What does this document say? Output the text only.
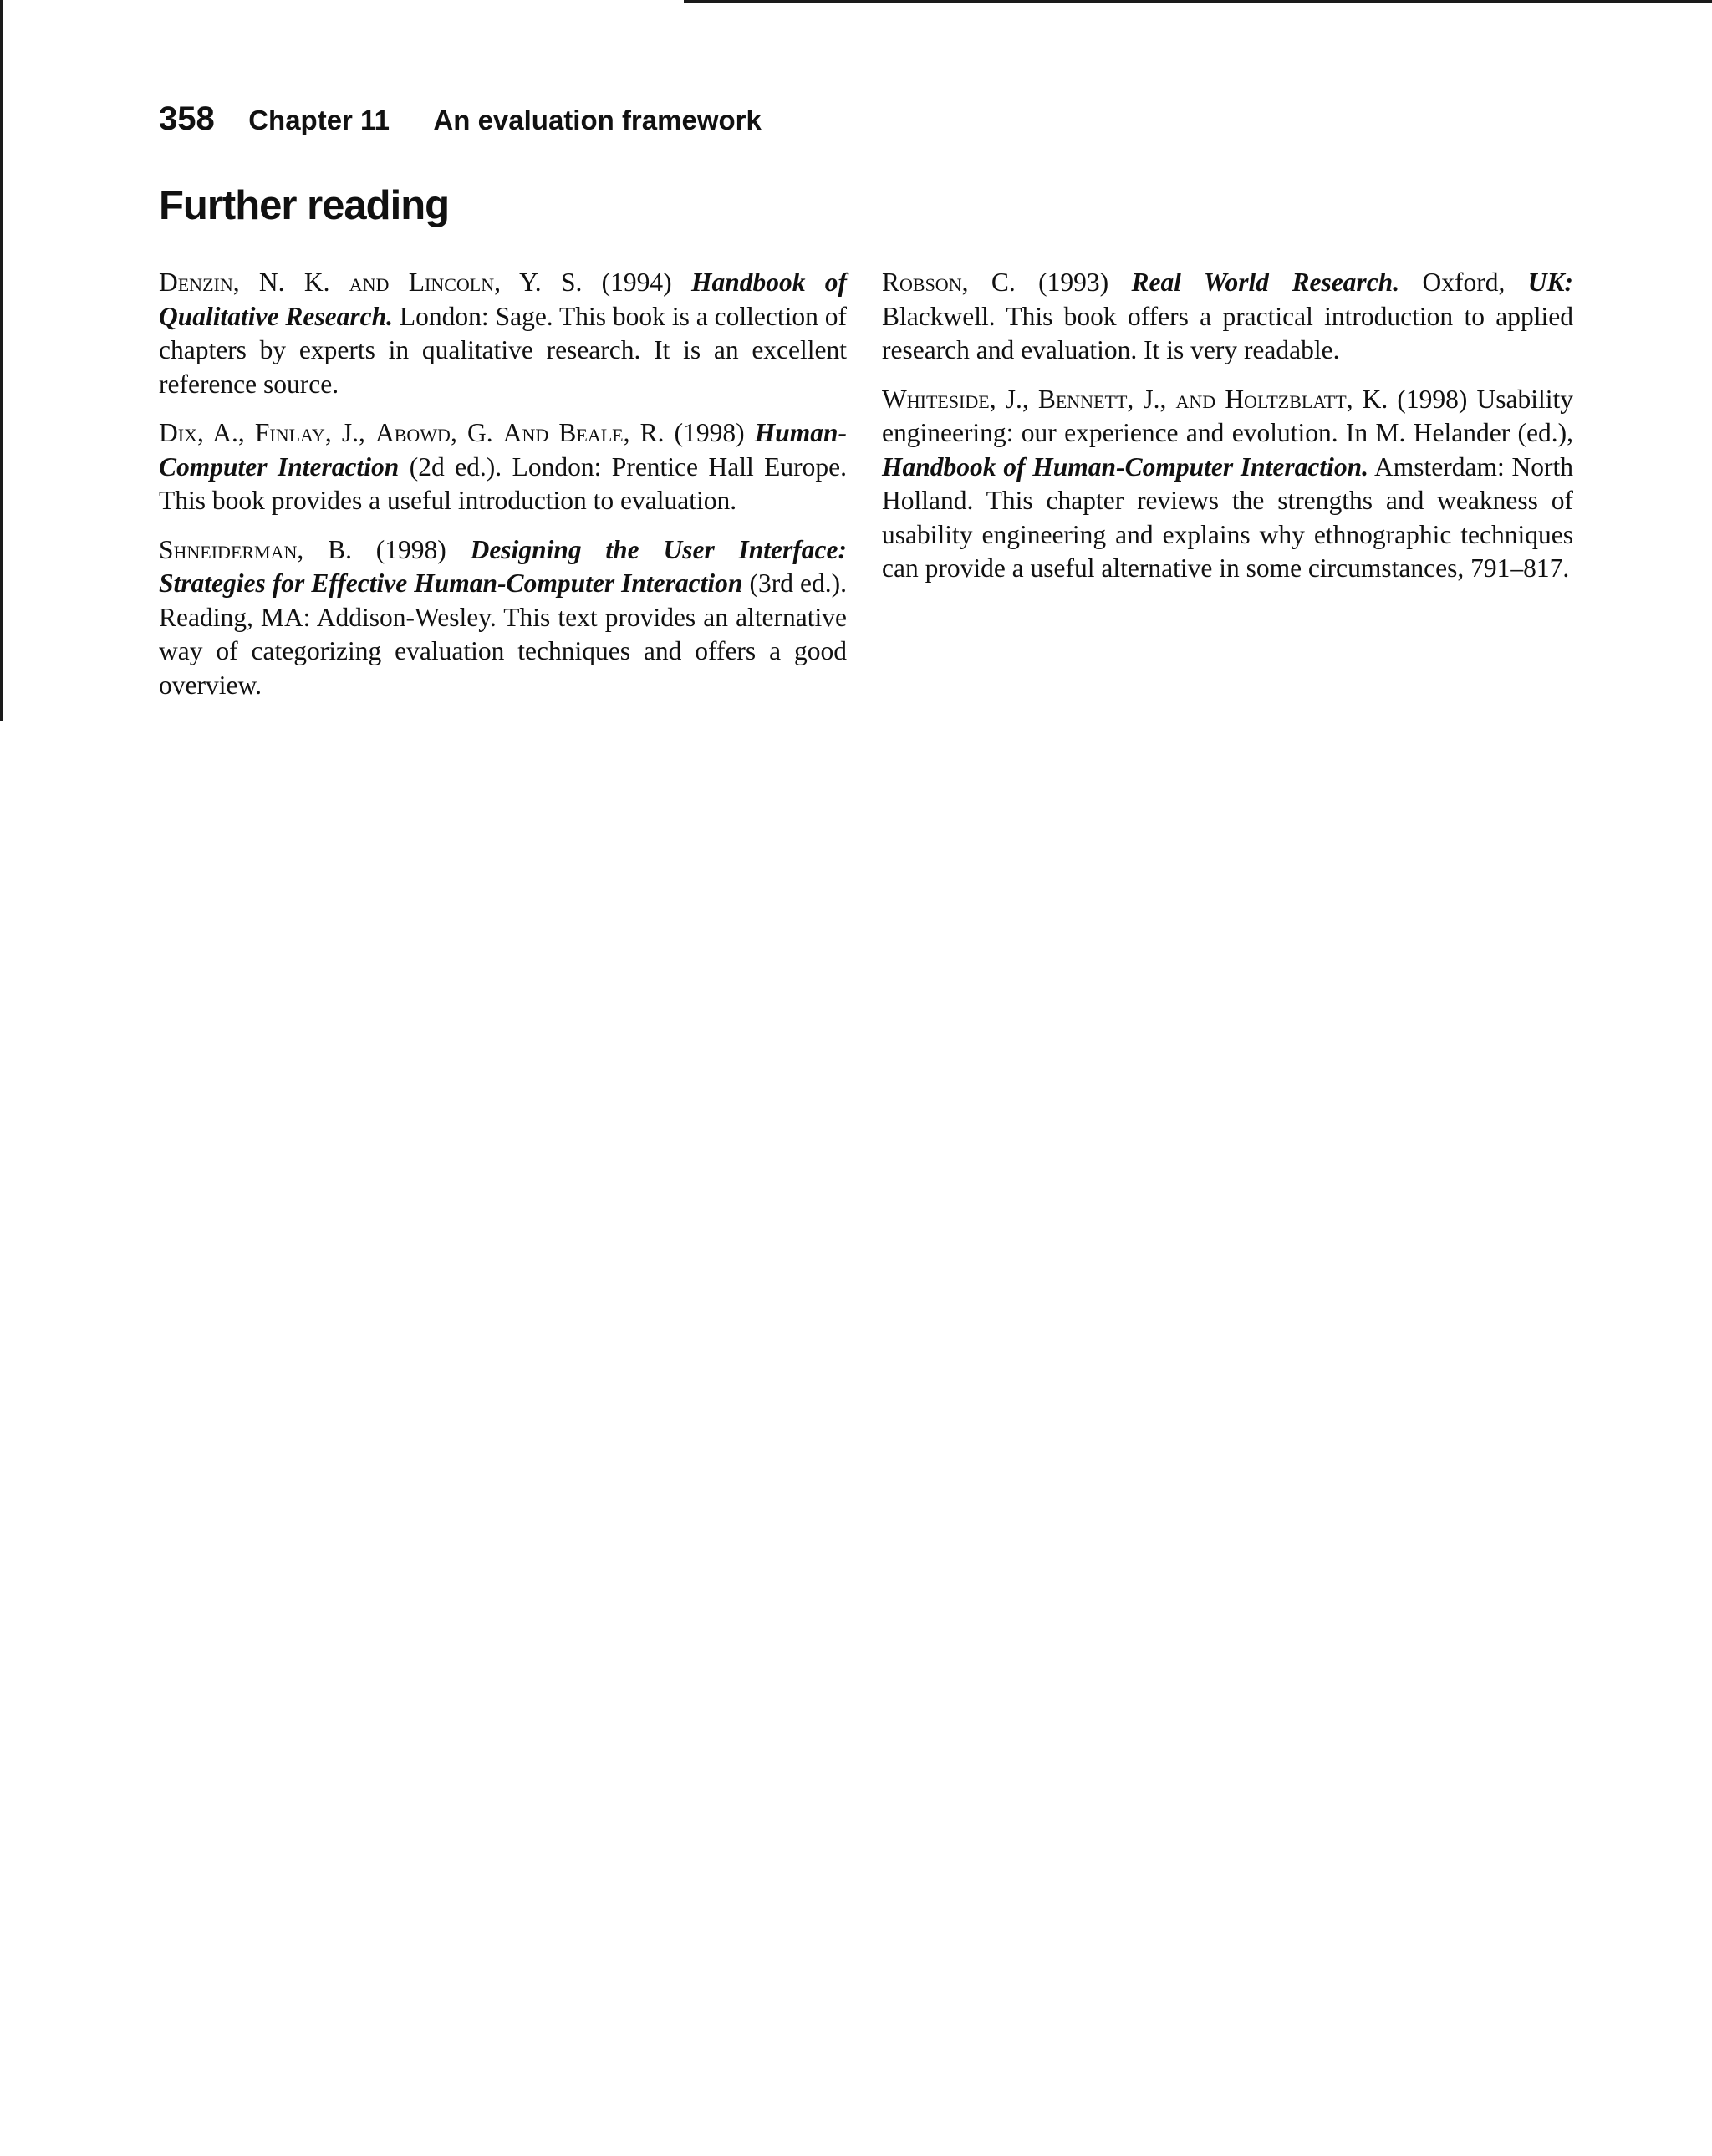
358 Chapter 11 An evaluation framework
Further reading

Denzin, N. K. and Lincoln, Y. S. (1994) Handbook of Qualitative Research. London: Sage. This book is a collection of chapters by experts in qualitative research. It is an excellent reference source.

Dix, A., Finlay, J., Abowd, G. And Beale, R. (1998) Human-Computer Interaction (2d ed.). London: Prentice Hall Europe. This book provides a useful introduction to evaluation.

Shneiderman, B. (1998) Designing the User Interface: Strategies for Effective Human-Computer Interaction (3rd ed.). Reading, MA: Addison-Wesley. This text provides an alternative way of categorizing evaluation techniques and offers a good overview.

Robson, C. (1993) Real World Research. Oxford, UK: Blackwell. This book offers a practical introduction to applied research and evaluation. It is very readable.

Whiteside, J., Bennett, J., and Holtzblatt, K. (1998) Usability engineering: our experience and evolution. In M. Helander (ed.), Handbook of Human-Computer Interaction. Amsterdam: North Holland. This chapter reviews the strengths and weakness of usability engineering and explains why ethnographic techniques can provide a useful alternative in some circumstances, 791–817.
